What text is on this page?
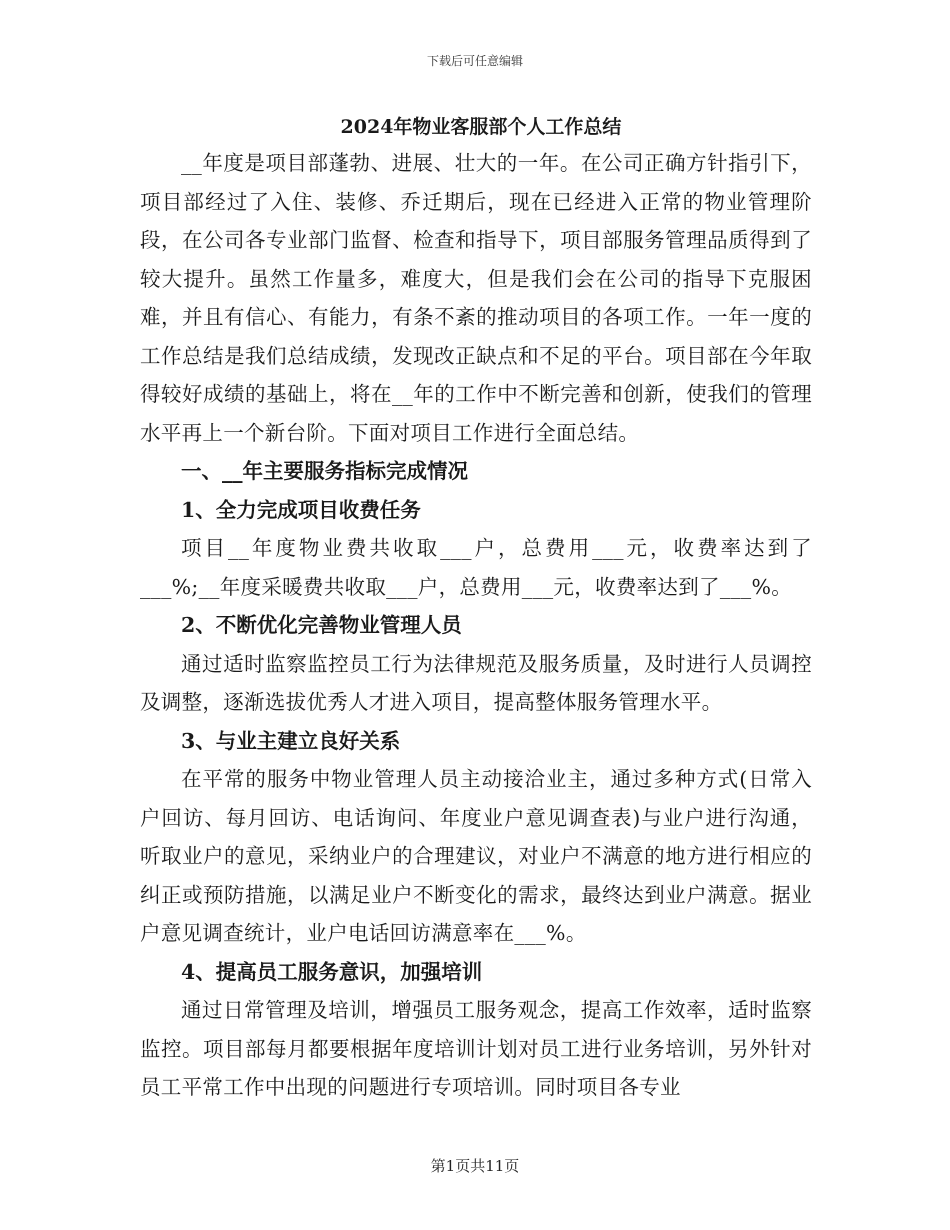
下载后可任意编辑
2024年物业客服部个人工作总结

__年度是项目部蓬勃、进展、壮大的一年。在公司正确方针指引下，项目部经过了入住、装修、乔迁期后，现在已经进入正常的物业管理阶段，在公司各专业部门监督、检查和指导下，项目部服务管理品质得到了较大提升。虽然工作量多，难度大，但是我们会在公司的指导下克服困难，并且有信心、有能力，有条不紊的推动项目的各项工作。一年一度的工作总结是我们总结成绩，发现改正缺点和不足的平台。项目部在今年取得较好成绩的基础上，将在__年的工作中不断完善和创新，使我们的管理水平再上一个新台阶。下面对项目工作进行全面总结。

一、__年主要服务指标完成情况

1、全力完成项目收费任务

项目__年度物业费共收取___户，总费用___元，收费率达到了___%;__年度采暖费共收取___户，总费用___元，收费率达到了___%。

2、不断优化完善物业管理人员

通过适时监察监控员工行为法律规范及服务质量，及时进行人员调控及调整，逐渐选拔优秀人才进入项目，提高整体服务管理水平。

3、与业主建立良好关系

在平常的服务中物业管理人员主动接洽业主，通过多种方式(日常入户回访、每月回访、电话询问、年度业户意见调查表)与业户进行沟通，听取业户的意见，采纳业户的合理建议，对业户不满意的地方进行相应的纠正或预防措施，以满足业户不断变化的需求，最终达到业户满意。据业户意见调查统计，业户电话回访满意率在___%。

4、提高员工服务意识，加强培训

通过日常管理及培训，增强员工服务观念，提高工作效率，适时监察监控。项目部每月都要根据年度培训计划对员工进行业务培训，另外针对员工平常工作中出现的问题进行专项培训。同时项目各专业

第1页共11页
